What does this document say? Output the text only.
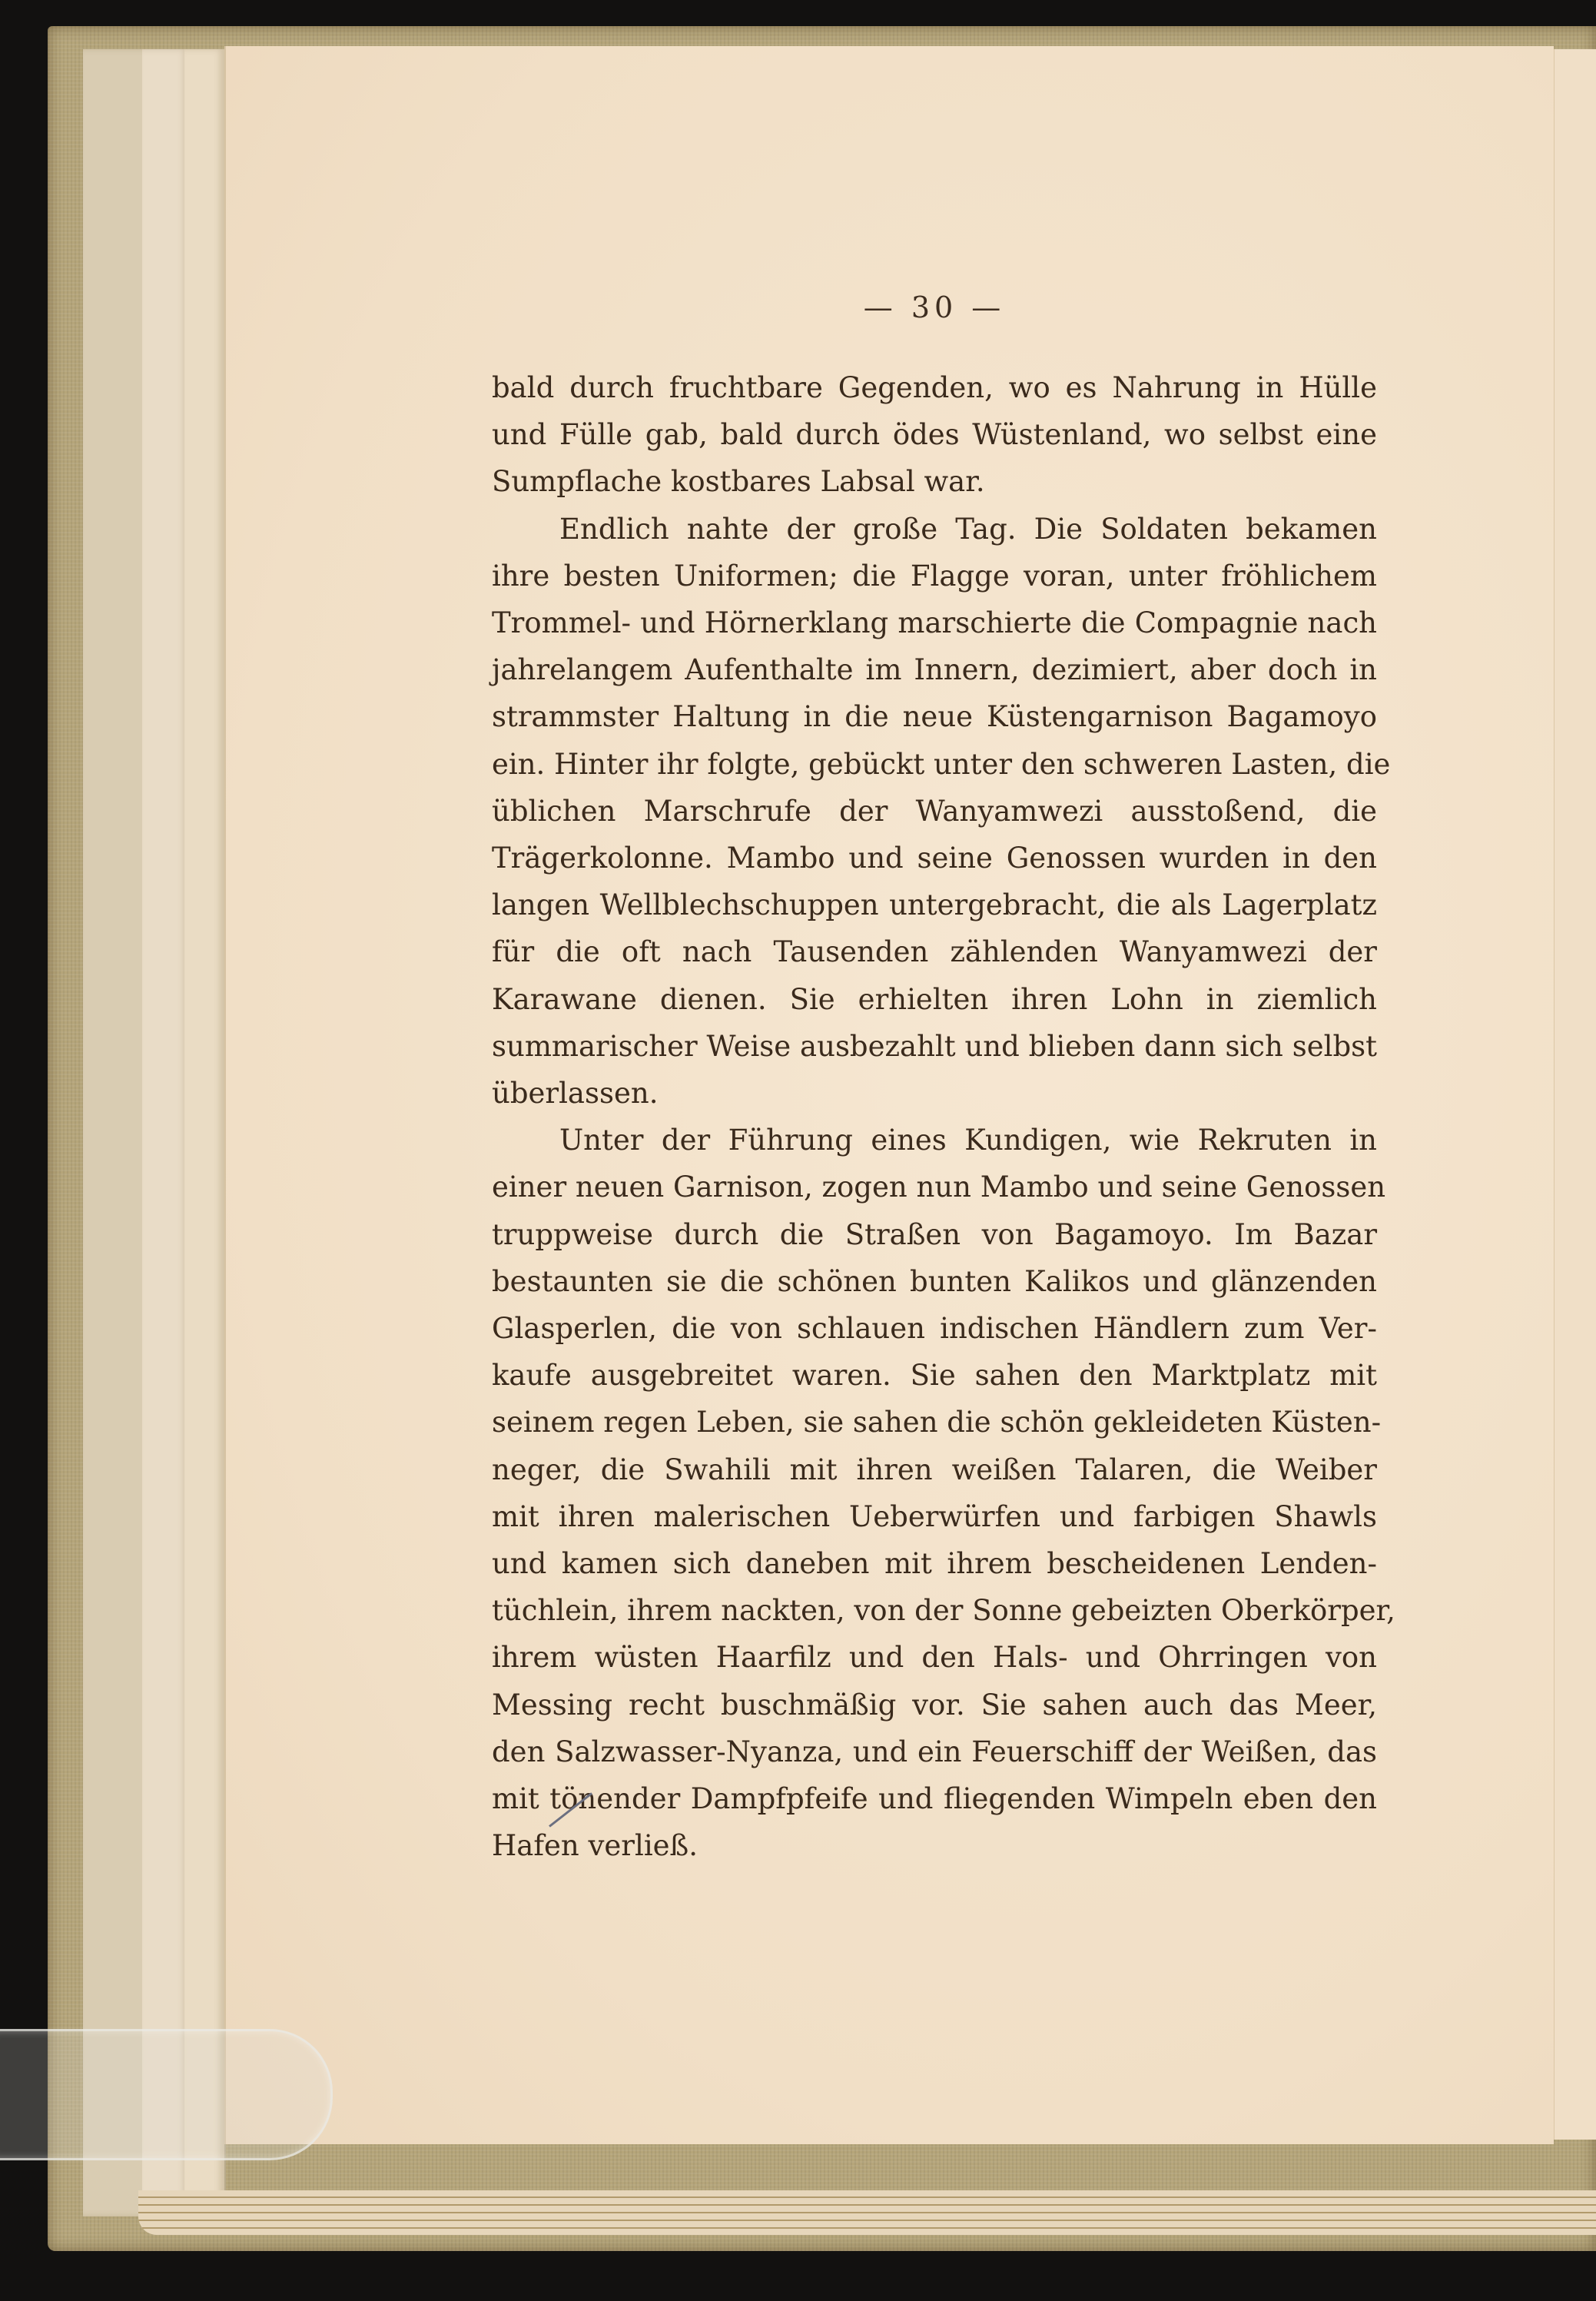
— 30 —
bald durch fruchtbare Gegenden, wo es Nahrung in Hülle
und Fülle gab, bald durch ödes Wüstenland, wo selbst eine
Sumpflache kostbares Labsal war.
Endlich nahte der große Tag. Die Soldaten bekamen
ihre besten Uniformen; die Flagge voran, unter fröhlichem
Trommel- und Hörnerklang marschierte die Compagnie nach
jahrelangem Aufenthalte im Innern, dezimiert, aber doch in
strammster Haltung in die neue Küstengarnison Bagamoyo
ein. Hinter ihr folgte, gebückt unter den schweren Lasten, die
üblichen Marschrufe der Wanyamwezi ausstoßend, die
Trägerkolonne. Mambo und seine Genossen wurden in den
langen Wellblechschuppen untergebracht, die als Lagerplatz
für die oft nach Tausenden zählenden Wanyamwezi der
Karawane dienen. Sie erhielten ihren Lohn in ziemlich
summarischer Weise ausbezahlt und blieben dann sich selbst
überlassen.
Unter der Führung eines Kundigen, wie Rekruten in
einer neuen Garnison, zogen nun Mambo und seine Genossen
truppweise durch die Straßen von Bagamoyo. Im Bazar
bestaunten sie die schönen bunten Kalikos und glänzenden
Glasperlen, die von schlauen indischen Händlern zum Ver-
kaufe ausgebreitet waren. Sie sahen den Marktplatz mit
seinem regen Leben, sie sahen die schön gekleideten Küsten-
neger, die Swahili mit ihren weißen Talaren, die Weiber
mit ihren malerischen Ueberwürfen und farbigen Shawls
und kamen sich daneben mit ihrem bescheidenen Lenden-
tüchlein, ihrem nackten, von der Sonne gebeizten Oberkörper,
ihrem wüsten Haarfilz und den Hals- und Ohrringen von
Messing recht buschmäßig vor. Sie sahen auch das Meer,
den Salzwasser-Nyanza, und ein Feuerschiff der Weißen, das
mit tönender Dampfpfeife und fliegenden Wimpeln eben den
Hafen verließ.
